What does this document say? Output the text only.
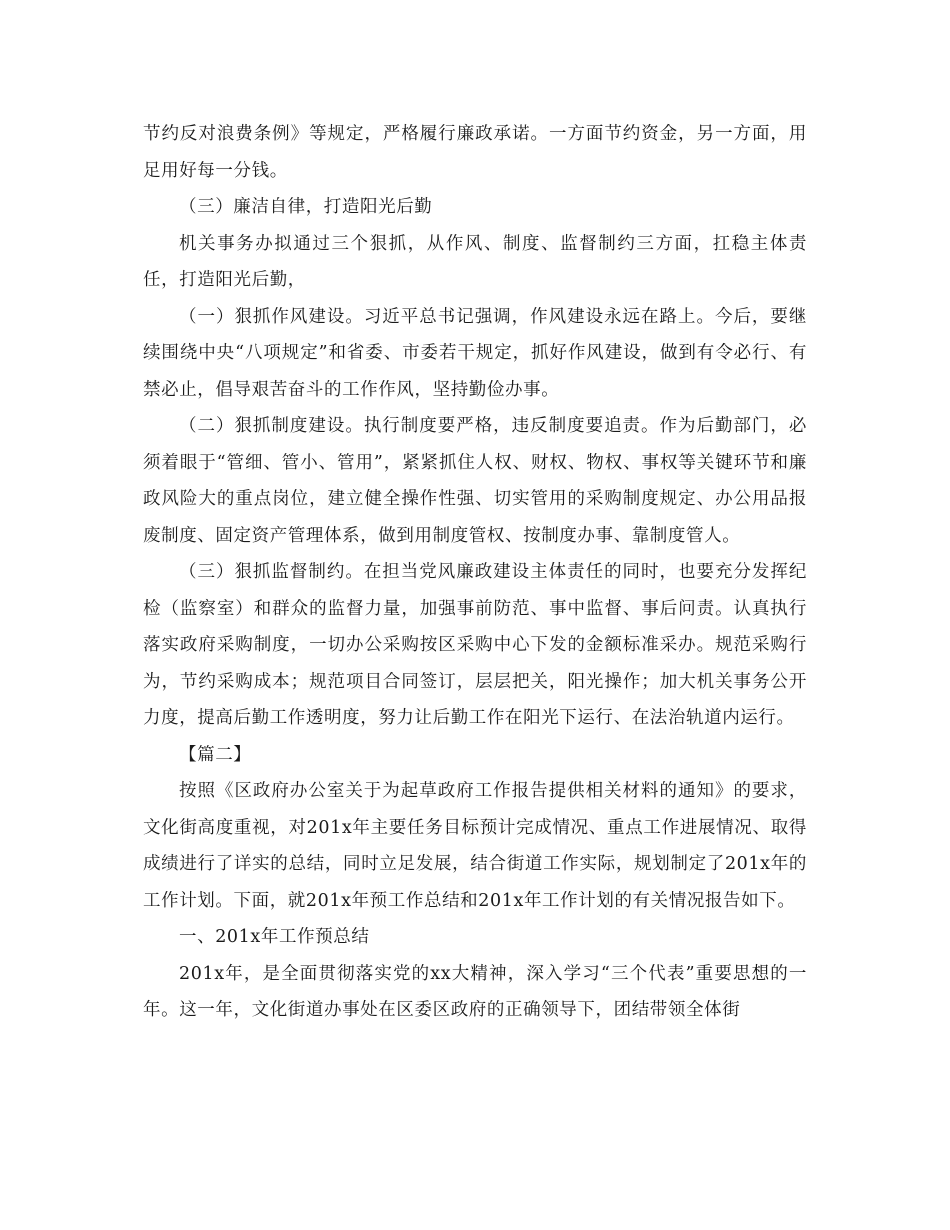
节约反对浪费条例》等规定，严格履行廉政承诺。一方面节约资金，另一方面，用足用好每一分钱。

（三）廉洁自律，打造阳光后勤

机关事务办拟通过三个狠抓，从作风、制度、监督制约三方面，扛稳主体责任，打造阳光后勤，

（一）狠抓作风建设。习近平总书记强调，作风建设永远在路上。今后，要继续围绕中央“八项规定”和省委、市委若干规定，抓好作风建设，做到有令必行、有禁必止，倡导艰苦奋斗的工作作风，坚持勤俭办事。

（二）狠抓制度建设。执行制度要严格，违反制度要追责。作为后勤部门，必须着眼于“管细、管小、管用”，紧紧抓住人权、财权、物权、事权等关键环节和廉政风险大的重点岗位，建立健全操作性强、切实管用的采购制度规定、办公用品报废制度、固定资产管理体系，做到用制度管权、按制度办事、靠制度管人。

（三）狠抓监督制约。在担当党风廉政建设主体责任的同时，也要充分发挥纪检（监察室）和群众的监督力量，加强事前防范、事中监督、事后问责。认真执行落实政府采购制度，一切办公采购按区采购中心下发的金额标准采办。规范采购行为，节约采购成本；规范项目合同签订，层层把关，阳光操作；加大机关事务公开力度，提高后勤工作透明度，努力让后勤工作在阳光下运行、在法治轨道内运行。

【篇二】

按照《区政府办公室关于为起草政府工作报告提供相关材料的通知》的要求，文化街高度重视，对201x年主要任务目标预计完成情况、重点工作进展情况、取得成绩进行了详实的总结，同时立足发展，结合街道工作实际，规划制定了201x年的工作计划。下面，就201x年预工作总结和201x年工作计划的有关情况报告如下。

一、201x年工作预总结

201x年，是全面贯彻落实党的xx大精神，深入学习“三个代表”重要思想的一年。这一年，文化街道办事处在区委区政府的正确领导下，团结带领全体街
